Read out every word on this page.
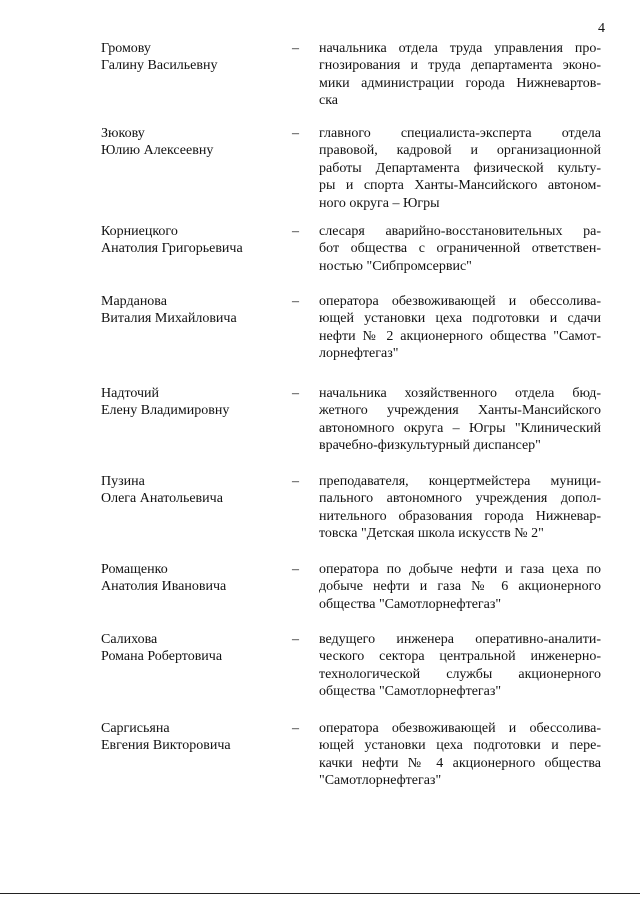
4
Громову
Галину Васильевну
– начальника отдела труда управления про-
гнозирования и труда департамента эконо-
мики администрации города Нижневартов-
ска
Зюкову
Юлию Алексеевну
– главного специалиста-эксперта отдела
правовой, кадровой и организационной
работы Департамента физической культу-
ры и спорта Ханты-Мансийского автоном-
ного округа – Югры
Корниецкого
Анатолия Григорьевича
– слесаря аварийно-восстановительных ра-
бот общества с ограниченной ответствен-
ностью "Сибпромсервис"
Марданова
Виталия Михайловича
– оператора обезвоживающей и обессолива-
ющей установки цеха подготовки и сдачи
нефти № 2 акционерного общества "Самот-
лорнефтегаз"
Надточий
Елену Владимировну
– начальника хозяйственного отдела бюд-
жетного учреждения Ханты-Мансийского
автономного округа – Югры "Клинический
врачебно-физкультурный диспансер"
Пузина
Олега Анатольевича
– преподавателя, концертмейстера муници-
пального автономного учреждения допол-
нительного образования города Нижневар-
товска "Детская школа искусств № 2"
Ромащенко
Анатолия Ивановича
– оператора по добыче нефти и газа цеха по
добыче нефти и газа № 6 акционерного
общества "Самотлорнефтегаз"
Салихова
Романа Робертовича
– ведущего инженера оперативно-аналити-
ческого сектора центральной инженерно-
технологической службы акционерного
общества "Самотлорнефтегаз"
Саргисьяна
Евгения Викторовича
– оператора обезвоживающей и обессолива-
ющей установки цеха подготовки и пере-
качки нефти № 4 акционерного общества
"Самотлорнефтегаз"
